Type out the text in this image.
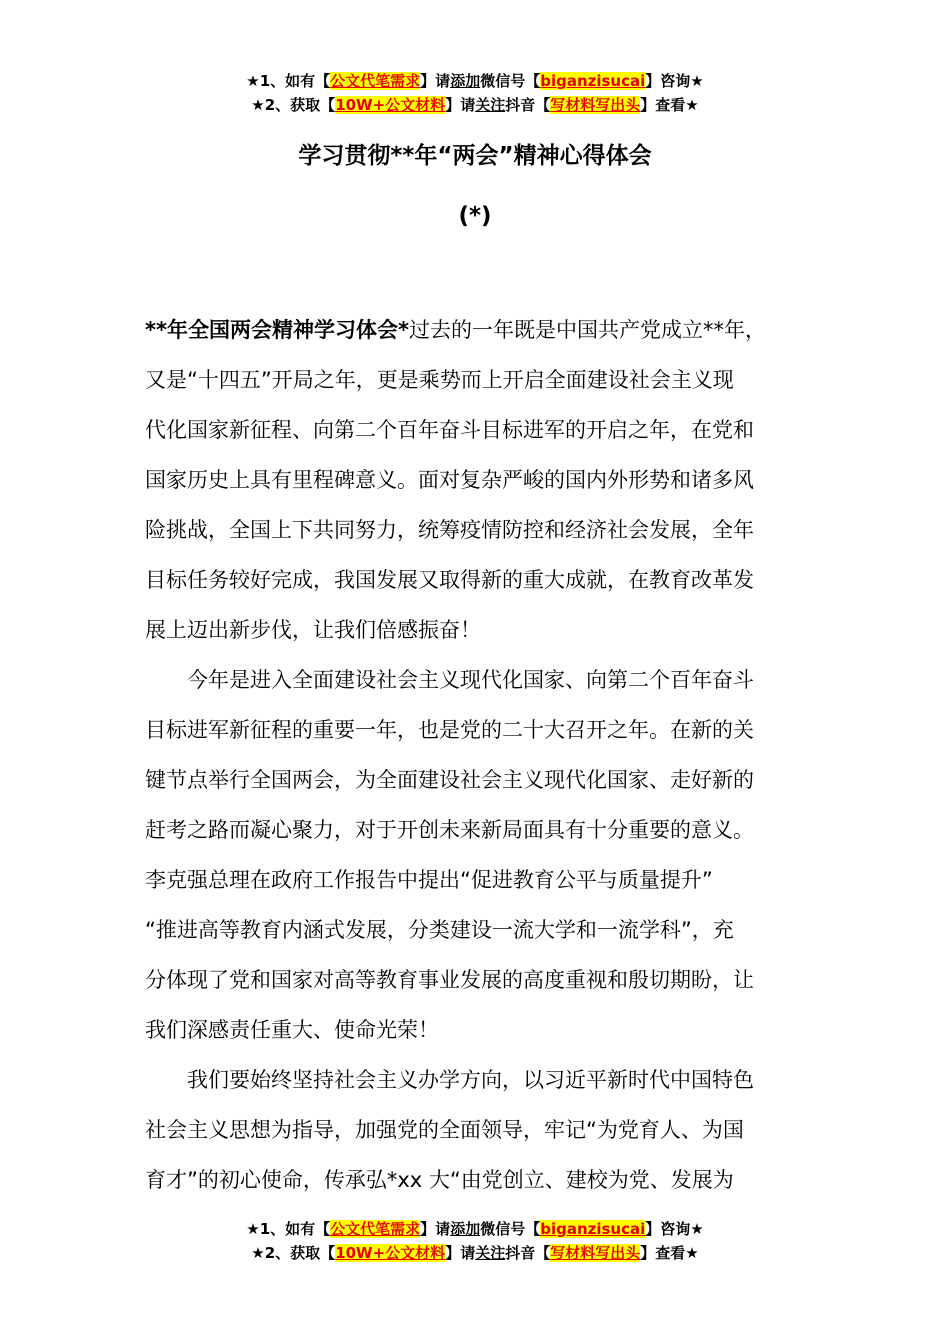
★1、如有【公文代笔需求】请添加微信号【biganzisucai】咨询★
★2、获取【10W+公文材料】请关注抖音【写材料写出头】查看★
学习贯彻**年“两会”精神心得体会
(*)
**年全国两会精神学习体会*过去的一年既是中国共产党成立**年，
又是“十四五”开局之年，更是乘势而上开启全面建设社会主义现
代化国家新征程、向第二个百年奋斗目标进军的开启之年，在党和
国家历史上具有里程碑意义。面对复杂严峻的国内外形势和诸多风
险挑战，全国上下共同努力，统筹疫情防控和经济社会发展，全年
目标任务较好完成，我国发展又取得新的重大成就，在教育改革发
展上迈出新步伐，让我们倍感振奋！
今年是进入全面建设社会主义现代化国家、向第二个百年奋斗
目标进军新征程的重要一年，也是党的二十大召开之年。在新的关
键节点举行全国两会，为全面建设社会主义现代化国家、走好新的
赶考之路而凝心聚力，对于开创未来新局面具有十分重要的意义。
李克强总理在政府工作报告中提出“促进教育公平与质量提升”
“推进高等教育内涵式发展，分类建设一流大学和一流学科”，充
分体现了党和国家对高等教育事业发展的高度重视和殷切期盼，让
我们深感责任重大、使命光荣！
我们要始终坚持社会主义办学方向，以习近平新时代中国特色
社会主义思想为指导，加强党的全面领导，牢记“为党育人、为国
育才”的初心使命，传承弘*xx 大“由党创立、建校为党、发展为
★1、如有【公文代笔需求】请添加微信号【biganzisucai】咨询★
★2、获取【10W+公文材料】请关注抖音【写材料写出头】查看★
